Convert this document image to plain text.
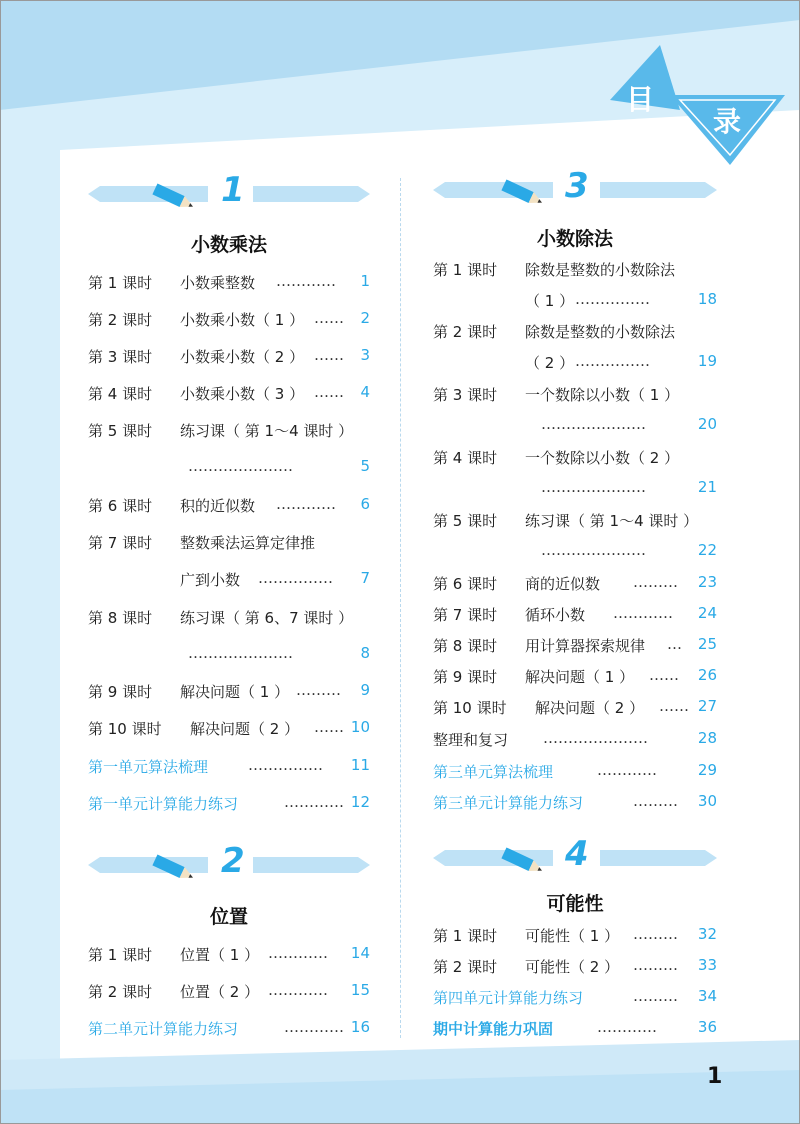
目
录
1
小数乘法
第 1 课时 小数乘整数 ………… 1
第 2 课时 小数乘小数（ 1 ） …… 2
第 3 课时 小数乘小数（ 2 ） …… 3
第 4 课时 小数乘小数（ 3 ） …… 4
第 5 课时 练习课（ 第 1～4 课时 ）
…………………	5
第 6 课时 积的近似数 ………… 6
第 7 课时 整数乘法运算定律推
广到小数 …………… 7
第 8 课时 练习课（ 第 6、7 课时 ）
…………………	8
第 9 课时 解决问题（ 1 ） ……… 9
第 10 课时 解决问题（ 2 ） …… 10
第一单元算法梳理	…………… 11
第一单元计算能力练习	………… 12
2
位置
第 1 课时 位置（ 1 ） ………… 14
第 2 课时 位置（ 2 ） ………… 15
第二单元计算能力练习	………… 16
3
小数除法
第 1 课时 除数是整数的小数除法
（ 1 ） ……………	18
第 2 课时 除数是整数的小数除法
（ 2 ） ……………	19
第 3 课时 一个数除以小数（ 1 ）
…………………	20
第 4 课时 一个数除以小数（ 2 ）
…………………	21
第 5 课时 练习课（ 第 1～4 课时 ）
…………………	22
第 6 课时 商的近似数 ……… 23
第 7 课时 循环小数 ………… 24
第 8 课时 用计算器探索规律 … 25
第 9 课时 解决问题（ 1 ） …… 26
第 10 课时 解决问题（ 2 ） …… 27
整理和复习 …………………	28
第三单元算法梳理	…………	29
第三单元计算能力练习	……… 30
4
可能性
第 1 课时 可能性（ 1 ） ……… 32
第 2 课时 可能性（ 2 ） ……… 33
第四单元计算能力练习	……… 34
期中计算能力巩固	…………	36
1
